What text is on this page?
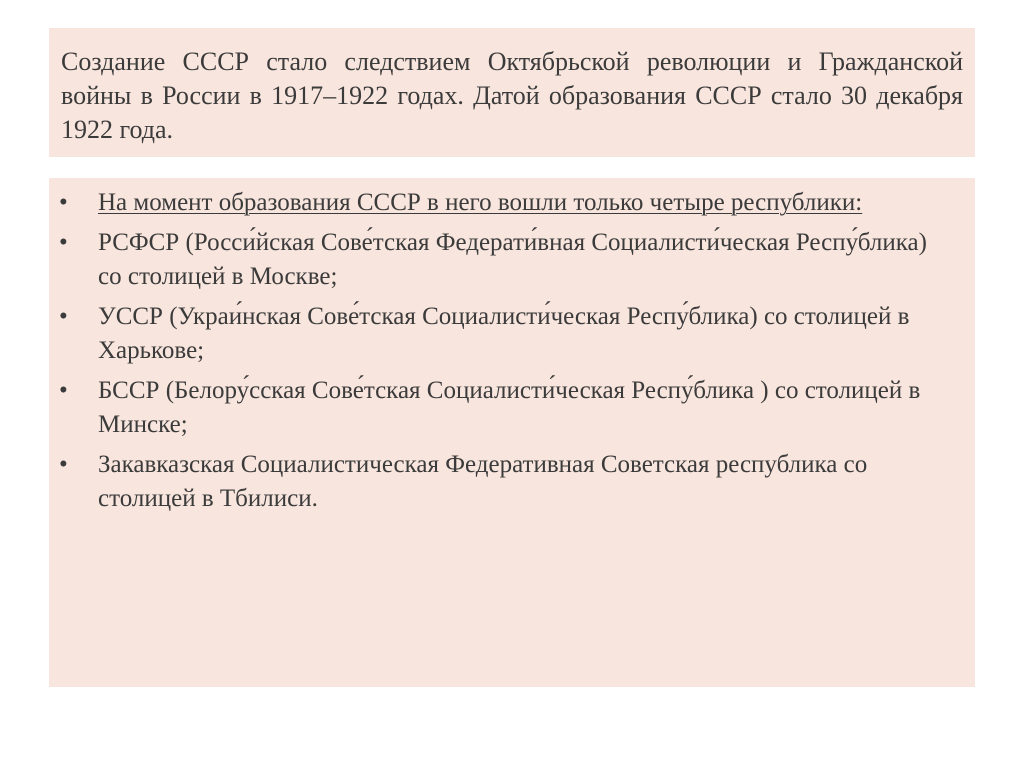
Создание СССР стало следствием Октябрьской революции и Гражданской войны в России в 1917–1922 годах. Датой образования СССР стало 30 декабря 1922 года.

•	На момент образования СССР в него вошли только четыре республики:
•	РСФСР (Росси́йская Сове́тская Федерати́вная Социалисти́ческая Респу́блика) со столицей в Москве;
•	УССР (Украи́нская Сове́тская Социалисти́ческая Респу́блика) со столицей в Харькове;
•	БССР (Белору́сская Сове́тская Социалисти́ческая Респу́блика ) со столицей в Минске;
•	Закавказская Социалистическая Федеративная Советская республика со столицей в Тбилиси.
